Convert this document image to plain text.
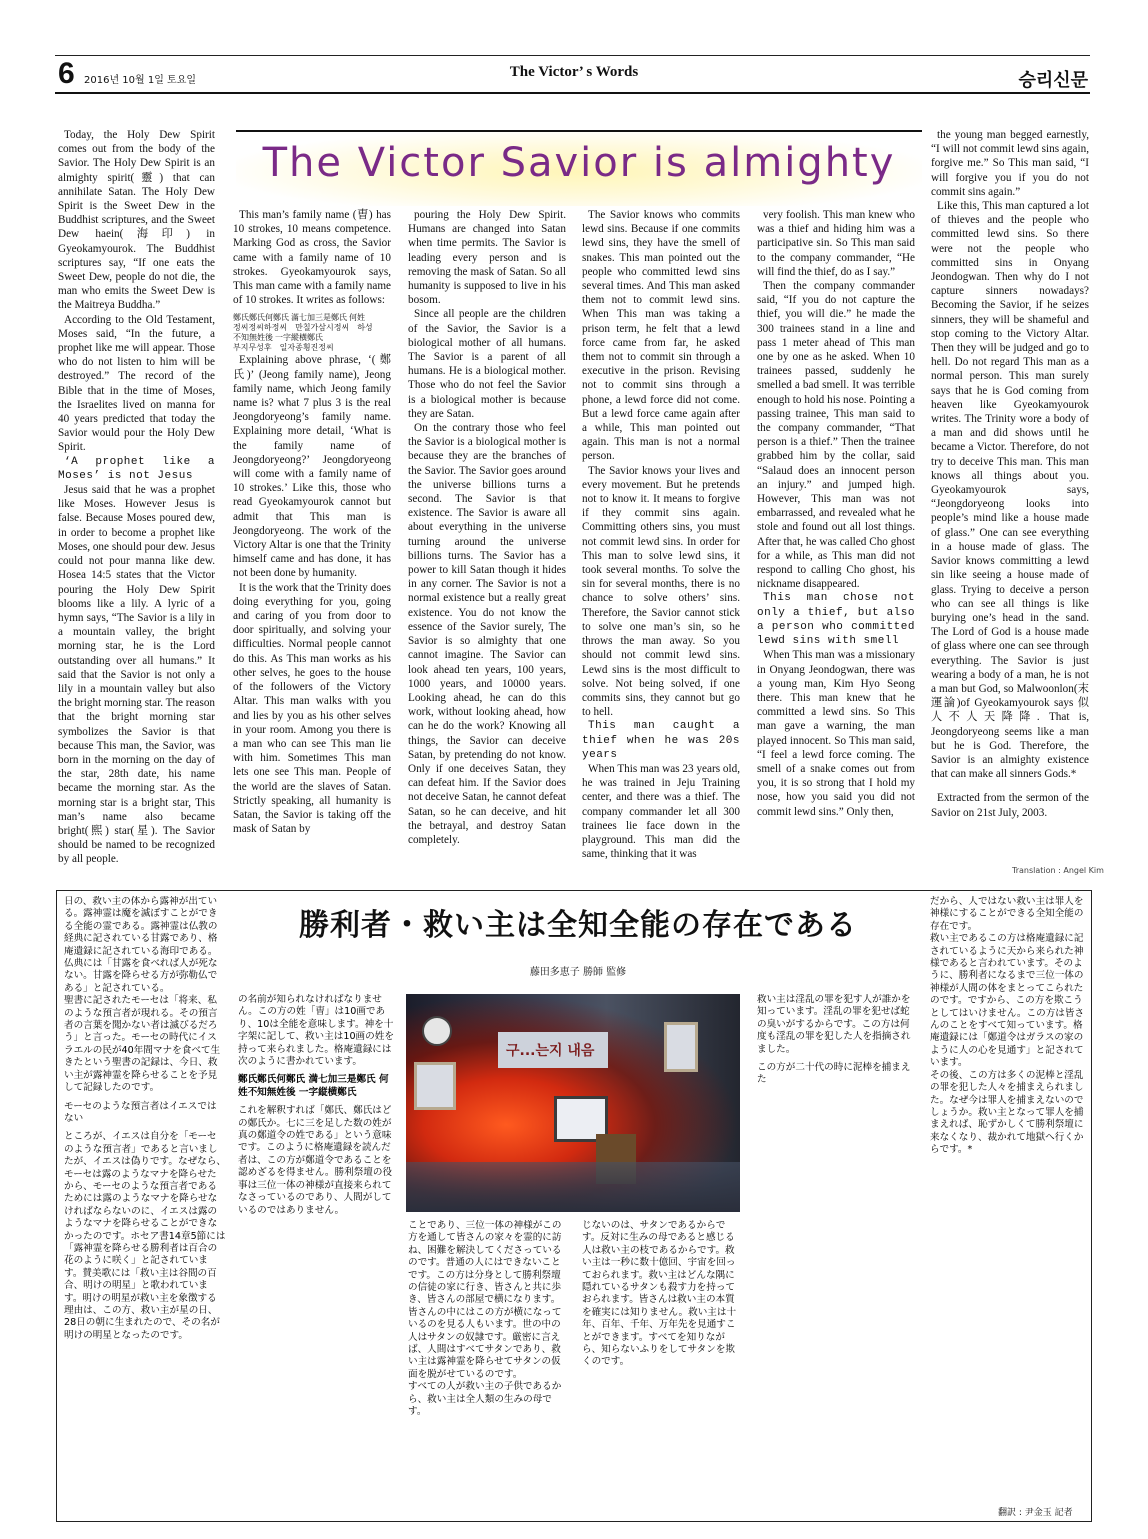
6 2016년 10월 1일 토요일
The Victor’ s Words	승리신문
The Victor Savior is almighty

Today, the Holy Dew Spirit comes out from the body of the Savior. The Holy Dew Spirit is an almighty spirit(靈) that can annihilate Satan. The Holy Dew Spirit is the Sweet Dew in the Buddhist scriptures, and the Sweet Dew haein(海印) in Gyeokamyourok. The Buddhist scriptures say, “If one eats the Sweet Dew, people do not die, the man who emits the Sweet Dew is the Maitreya Buddha.”

According to the Old Testament, Moses said, “In the future, a prophet like me will appear. Those who do not listen to him will be destroyed.” The record of the Bible that in the time of Moses, the Israelites lived on manna for 40 years predicted that today the Savior would pour the Holy Dew Spirit.

‘A prophet like a Moses’ is not Jesus

Jesus said that he was a prophet like Moses. However Jesus is false. Because Moses poured dew, in order to become a prophet like Moses, one should pour dew. Jesus could not pour manna like dew. Hosea 14:5 states that the Victor pouring the Holy Dew Spirit blooms like a lily. A lyric of a hymn says, “The Savior is a lily in a mountain valley, the bright morning star, he is the Lord outstanding over all humans.” It said that the Savior is not only a lily in a mountain valley but also the bright morning star. The reason that the bright morning star symbolizes the Savior is that because This man, the Savior, was born in the morning on the day of the star, 28th date, his name became the morning star. As the morning star is a bright star, This man’s name also became bright(熙) star(星). The Savior should be named to be recognized by all people.

This man’s family name (曺) has 10 strokes, 10 means competence. Marking God as cross, the Savior came with a family name of 10 strokes. Gyeokamyourok says, This man came with a family name of 10 strokes. It writes as follows:

鄭氏鄭氏何鄭氏 滿七加三是鄭氏 何姓

정씨정씨하정씨　만칠가삼시정씨　하성

不知無姓後 一字縱橫鄭氏

부지무성후　일자종횡진정씨

Explaining above phrase, ‘(鄭氏)’ (Jeong family name), Jeong family name, which Jeong family name is? what 7 plus 3 is the real Jeongdoryeong’s family name. Explaining more detail, ‘What is the family name of Jeongdoryeong?’ Jeongdoryeong will come with a family name of 10 strokes.’ Like this, those who read Gyeokamyourok cannot but admit that This man is Jeongdoryeong. The work of the Victory Altar is one that the Trinity himself came and has done, it has not been done by humanity.

It is the work that the Trinity does doing everything for you, going and caring of you from door to door spiritually, and solving your difficulties. Normal people cannot do this. As This man works as his other selves, he goes to the house of the followers of the Victory Altar. This man walks with you and lies by you as his other selves in your room. Among you there is a man who can see This man lie with him. Sometimes This man lets one see This man. People of the world are the slaves of Satan. Strictly speaking, all humanity is Satan, the Savior is taking off the mask of Satan by

pouring the Holy Dew Spirit. Humans are changed into Satan when time permits. The Savior is leading every person and is removing the mask of Satan. So all humanity is supposed to live in his bosom.

Since all people are the children of the Savior, the Savior is a biological mother of all humans. The Savior is a parent of all humans. He is a biological mother. Those who do not feel the Savior is a biological mother is because they are Satan.

On the contrary those who feel the Savior is a biological mother is because they are the branches of the Savior. The Savior goes around the universe billions turns a second. The Savior is that existence. The Savior is aware all about everything in the universe turning around the universe billions turns. The Savior has a power to kill Satan though it hides in any corner. The Savior is not a normal existence but a really great existence. You do not know the essence of the Savior surely, The Savior is so almighty that one cannot imagine. The Savior can look ahead ten years, 100 years, 1000 years, and 10000 years. Looking ahead, he can do this work, without looking ahead, how can he do the work? Knowing all things, the Savior can deceive Satan, by pretending do not know. Only if one deceives Satan, they can defeat him. If the Savior does not deceive Satan, he cannot defeat Satan, so he can deceive, and hit the betrayal, and destroy Satan completely.

The Savior knows who commits lewd sins. Because if one commits lewd sins, they have the smell of snakes. This man pointed out the people who committed lewd sins several times. And This man asked them not to commit lewd sins. When This man was taking a prison term, he felt that a lewd force came from far, he asked them not to commit sin through a executive in the prison. Revising not to commit sins through a phone, a lewd force did not come. But a lewd force came again after a while, This man pointed out again. This man is not a normal person.

The Savior knows your lives and every movement. But he pretends not to know it. It means to forgive if they commit sins again. Committing others sins, you must not commit lewd sins. In order for This man to solve lewd sins, it took several months. To solve the sin for several months, there is no chance to solve others’ sins. Therefore, the Savior cannot stick to solve one man’s sin, so he throws the man away. So you should not commit lewd sins. Lewd sins is the most difficult to solve. Not being solved, if one commits sins, they cannot but go to hell.

This man caught a thief when he was 20s years

When This man was 23 years old, he was trained in Jeju Training center, and there was a thief. The company commander let all 300 trainees lie face down in the playground. This man did the same, thinking that it was

very foolish. This man knew who was a thief and hiding him was a participative sin. So This man said to the company commander, “He will find the thief, do as I say.”

Then the company commander said, “If you do not capture the thief, you will die.” he made the 300 trainees stand in a line and pass 1 meter ahead of This man one by one as he asked. When 10 trainees passed, suddenly he smelled a bad smell. It was terrible enough to hold his nose. Pointing a passing trainee, This man said to the company commander, “That person is a thief.” Then the trainee grabbed him by the collar, said “Salaud does an innocent person an injury.” and jumped high. However, This man was not embarrassed, and revealed what he stole and found out all lost things. After that, he was called Cho ghost for a while, as This man did not respond to calling Cho ghost, his nickname disappeared.

This man chose not only a thief, but also a person who committed lewd sins with smell

When This man was a missionary in Onyang Jeondogwan, there was a young man, Kim Hyo Seong there. This man knew that he committed a lewd sins. So This man gave a warning, the man played innocent. So This man said, “I feel a lewd force coming. The smell of a snake comes out from you, it is so strong that I hold my nose, how you said you did not commit lewd sins.” Only then,

the young man begged earnestly, “I will not commit lewd sins again, forgive me.” So This man said, “I will forgive you if you do not commit sins again.”

Like this, This man captured a lot of thieves and the people who committed lewd sins. So there were not the people who committed sins in Onyang Jeondogwan. Then why do I not capture sinners nowadays? Becoming the Savior, if he seizes sinners, they will be shameful and stop coming to the Victory Altar. Then they will be judged and go to hell. Do not regard This man as a normal person. This man surely says that he is God coming from heaven like Gyeokamyourok writes. The Trinity wore a body of a man and did shows until he became a Victor. Therefore, do not try to deceive This man. This man knows all things about you. Gyeokamyourok says, “Jeongdoryeong looks into people’s mind like a house made of glass.” One can see everything in a house made of glass. The Savior knows committing a lewd sin like seeing a house made of glass. Trying to deceive a person who can see all things is like burying one’s head in the sand. The Lord of God is a house made of glass where one can see through everything. The Savior is just wearing a body of a man, he is not a man but God, so Malwoonlon(末運論)of Gyeokamyourok says 似人不人天降降. That is, Jeongdoryeong seems like a man but he is God. Therefore, the Savior is an almighty existence that can make all sinners Gods.*

Extracted from the sermon of the Savior on 21st July, 2003.

Translation : Angel Kim
勝利者・救い主は全知全能の存在である
藤田多恵子 勝師 監修
구...는지 내음

日の、救い主の体から露神が出ている。露神霊は魔を滅ぼすことができる全能の霊である。露神霊は仏教の経典に記されている甘露であり、格庵遺録に記されている海印である。仏典には「甘露を食べれば人が死なない。甘露を降らせる方が弥勒仏である」と記されている。

聖書に記されたモーセは「将来、私のような預言者が現れる。その預言者の言葉を聞かない者は滅びるだろう」と言った。モーセの時代にイスラエルの民が40年間マナを食べて生きたという聖書の記録は、今日、救い主が露神霊を降らせることを予見して記録したのです。

モーセのような預言者はイエスではない

ところが、イエスは自分を「モーセのような預言者」であると言いましたが、イエスは偽りです。なぜなら、モーセは露のようなマナを降らせたから、モーセのような預言者であるためには露のようなマナを降らせなければならないのに、イエスは露のようなマナを降らせることができなかったのです。ホセア書14章5節には「露神霊を降らせる勝利者は百合の花のように咲く」と記されています。賛美歌には「救い主は谷間の百合、明けの明星」と歌われています。明けの明星が救い主を象徴する理由は、この方、救い主が星の日、28日の朝に生まれたので、その名が明けの明星となったのです。

の名前が知られなければなりません。この方の姓「曺」は10画であり、10は全能を意味します。神を十字架に記して、救い主は10画の姓を持って来られました。格庵遺録には次のように書かれています。

鄭氏鄭氏何鄭氏 満七加三是鄭氏 何姓不知無姓後 一字縦横鄭氏

これを解釈すれば「鄭氏、鄭氏はどの鄭氏か。七に三を足した数の姓が真の鄭道令の姓である」という意味です。このように格庵遺録を読んだ者は、この方が鄭道令であることを認めざるを得ません。勝利祭壇の役事は三位一体の神様が直接来られてなさっているのであり、人間がしているのではありません。

ことであり、三位一体の神様がこの方を通して皆さんの家々を霊的に訪ね、困難を解決してくださっているのです。普通の人にはできないことです。この方は分身として勝利祭壇の信徒の家に行き、皆さんと共に歩き、皆さんの部屋で横になります。皆さんの中にはこの方が横になっているのを見る人もいます。世の中の人はサタンの奴隷です。厳密に言えば、人間はすべてサタンであり、救い主は露神霊を降らせてサタンの仮面を脱がせているのです。

すべての人が救い主の子供であるから、救い主は全人類の生みの母です。

じないのは、サタンであるからです。反対に生みの母であると感じる人は救い主の枝であるからです。救い主は一秒に数十億回、宇宙を回っておられます。救い主はどんな隅に隠れているサタンも殺す力を持っておられます。皆さんは救い主の本質を確実には知りません。救い主は十年、百年、千年、万年先を見通すことができます。すべてを知りながら、知らないふりをしてサタンを欺くのです。

救い主は淫乱の罪を犯す人が誰かを知っています。淫乱の罪を犯せば蛇の臭いがするからです。この方は何度も淫乱の罪を犯した人を指摘されました。

この方が二十代の時に泥棒を捕まえた

だから、人ではない救い主は罪人を神様にすることができる全知全能の存在です。

救い主であるこの方は格庵遺録に記されているように天から来られた神様であると言われています。そのように、勝利者になるまで三位一体の神様が人間の体をまとってこられたのです。ですから、この方を欺こうとしてはいけません。この方は皆さんのことをすべて知っています。格庵遺録には「鄭道令はガラスの家のように人の心を見通す」と記されています。

その後、この方は多くの泥棒と淫乱の罪を犯した人々を捕まえられました。なぜ今は罪人を捕まえないのでしょうか。救い主となって罪人を捕まえれば、恥ずかしくて勝利祭壇に来なくなり、裁かれて地獄へ行くからです。*

翻訳 : 尹金玉 記者
